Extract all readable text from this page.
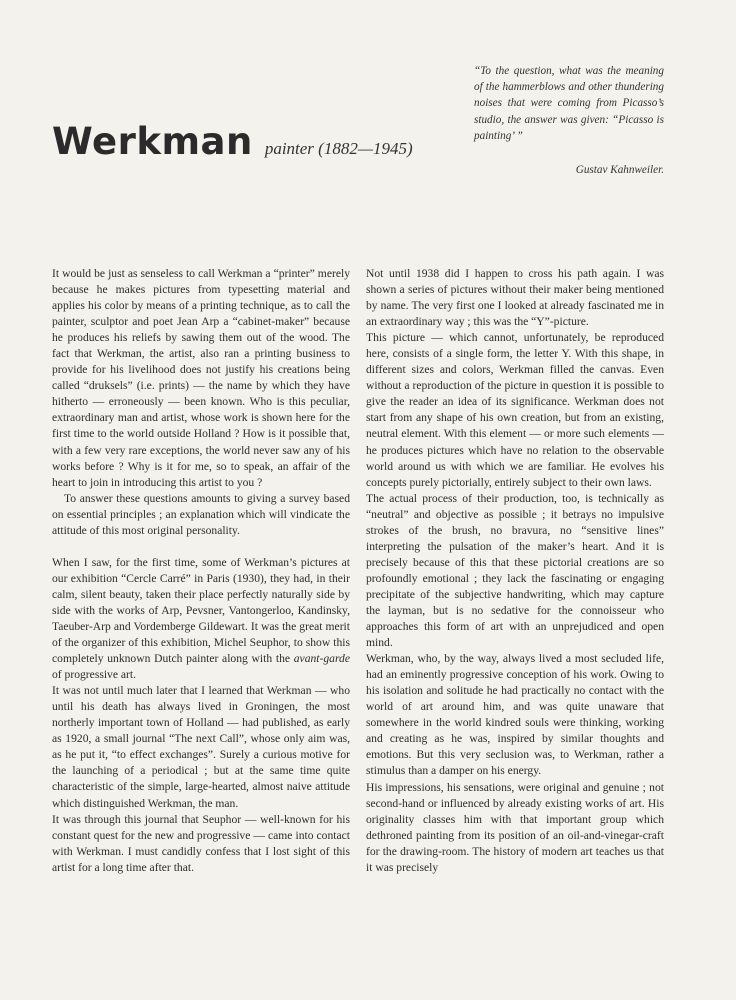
Werkman painter (1882—1945)
“To the question, what was the meaning of the hammerblows and other thundering noises that were coming from Picasso’s studio, the answer was given: “Picasso is painting’ ”
Gustav Kahnweiler.

It would be just as senseless to call Werkman a “printer” merely because he makes pictures from typesetting material and applies his color by means of a printing technique, as to call the painter, sculptor and poet Jean Arp a “cabinet-maker” because he produces his reliefs by sawing them out of the wood. The fact that Werkman, the artist, also ran a printing business to provide for his livelihood does not justify his creations being called “druksels” (i.e. prints) — the name by which they have hitherto — erroneously — been known. Who is this peculiar, extraordinary man and artist, whose work is shown here for the first time to the world outside Holland ? How is it possible that, with a few very rare exceptions, the world never saw any of his works before ? Why is it for me, so to speak, an affair of the heart to join in introducing this artist to you ?

To answer these questions amounts to giving a survey based on essential principles ; an explanation which will vindicate the attitude of this most original personality.

When I saw, for the first time, some of Werkman’s pictures at our exhibition “Cercle Carré” in Paris (1930), they had, in their calm, silent beauty, taken their place perfectly naturally side by side with the works of Arp, Pevsner, Vantongerloo, Kandinsky, Taeuber-Arp and Vordemberge Gildewart. It was the great merit of the organizer of this exhibition, Michel Seuphor, to show this completely unknown Dutch painter along with the avant-garde of progressive art.

It was not until much later that I learned that Werkman — who until his death has always lived in Groningen, the most northerly important town of Holland — had published, as early as 1920, a small journal “The next Call”, whose only aim was, as he put it, “to effect exchanges”. Surely a curious motive for the launching of a periodical ; but at the same time quite characteristic of the simple, large-hearted, almost naive attitude which distinguished Werkman, the man.

It was through this journal that Seuphor — well-known for his constant quest for the new and progressive — came into contact with Werkman. I must candidly confess that I lost sight of this artist for a long time after that.

Not until 1938 did I happen to cross his path again. I was shown a series of pictures without their maker being mentioned by name. The very first one I looked at already fascinated me in an extraordinary way ; this was the “Y”-picture.

This picture — which cannot, unfortunately, be reproduced here, consists of a single form, the letter Y. With this shape, in different sizes and colors, Werkman filled the canvas. Even without a reproduction of the picture in question it is possible to give the reader an idea of its significance. Werkman does not start from any shape of his own creation, but from an existing, neutral element. With this element — or more such elements — he produces pictures which have no relation to the observable world around us with which we are familiar. He evolves his concepts purely pictorially, entirely subject to their own laws.

The actual process of their production, too, is technically as “neutral” and objective as possible ; it betrays no impulsive strokes of the brush, no bravura, no “sensitive lines” interpreting the pulsation of the maker’s heart. And it is precisely because of this that these pictorial creations are so profoundly emotional ; they lack the fascinating or engaging precipitate of the subjective handwriting, which may capture the layman, but is no sedative for the connoisseur who approaches this form of art with an unprejudiced and open mind.

Werkman, who, by the way, always lived a most secluded life, had an eminently progressive conception of his work. Owing to his isolation and solitude he had practically no contact with the world of art around him, and was quite unaware that somewhere in the world kindred souls were thinking, working and creating as he was, inspired by similar thoughts and emotions. But this very seclusion was, to Werkman, rather a stimulus than a damper on his energy.

His impressions, his sensations, were original and genuine ; not second-hand or influenced by already existing works of art. His originality classes him with that important group which dethroned painting from its position of an oil-and-vinegar-craft for the drawing-room. The history of modern art teaches us that it was precisely
